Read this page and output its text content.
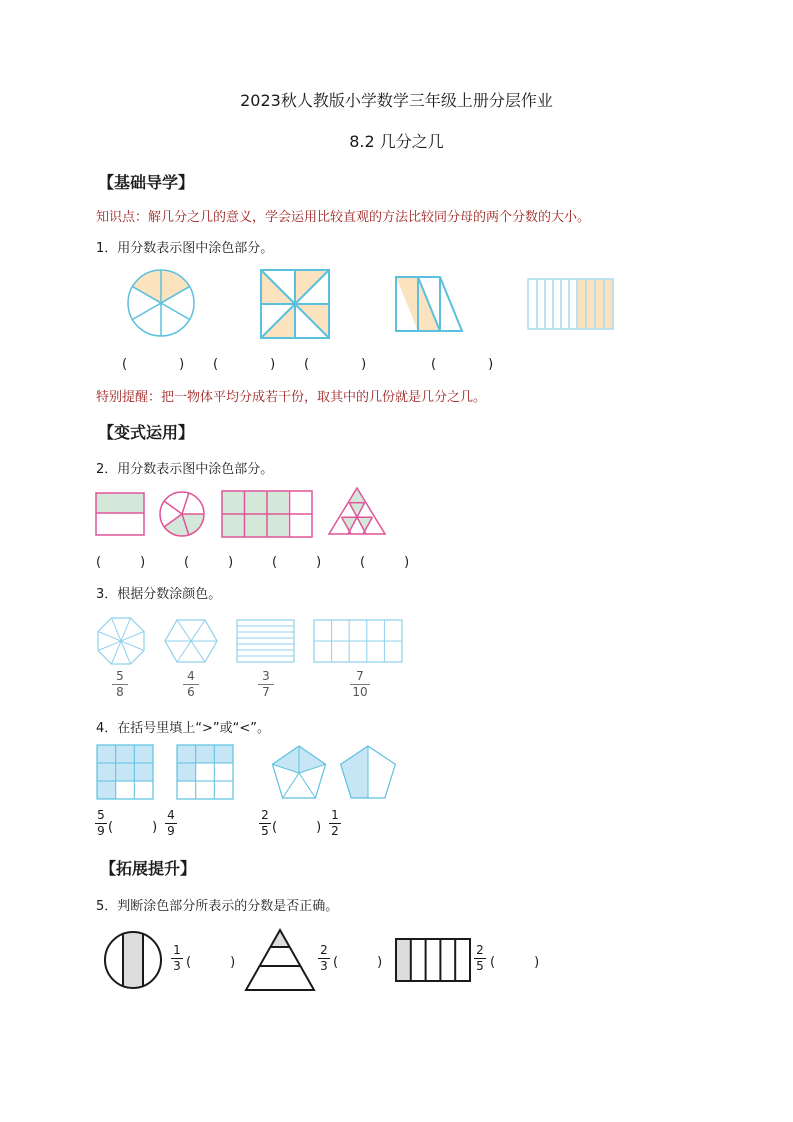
2023秋人教版小学数学三年级上册分层作业
8.2 几分之几
【基础导学】
知识点：解几分之几的意义，学会运用比较直观的方法比较同分母的两个分数的大小。
1．用分数表示图中涂色部分。
(　　　　) (　　　　) (　　　　)	(　　　　)
特别提醒：把一物体平均分成若干份，取其中的几份就是几分之几。
【变式运用】
2．用分数表示图中涂色部分。
(　　　)	(　　　)	(　　　)	(　　　)
3．根据分数涂颜色。
5
8
4
6
3
7
7
10
4．在括号里填上“>”或“<”。
5
9 (　　　)
4
9
2
5 (　　　)
1
2
【拓展提升】
5．判断涂色部分所表示的分数是否正确。
1
3 (　　　)
2
3 (　　　)
2
5 (　　　)
